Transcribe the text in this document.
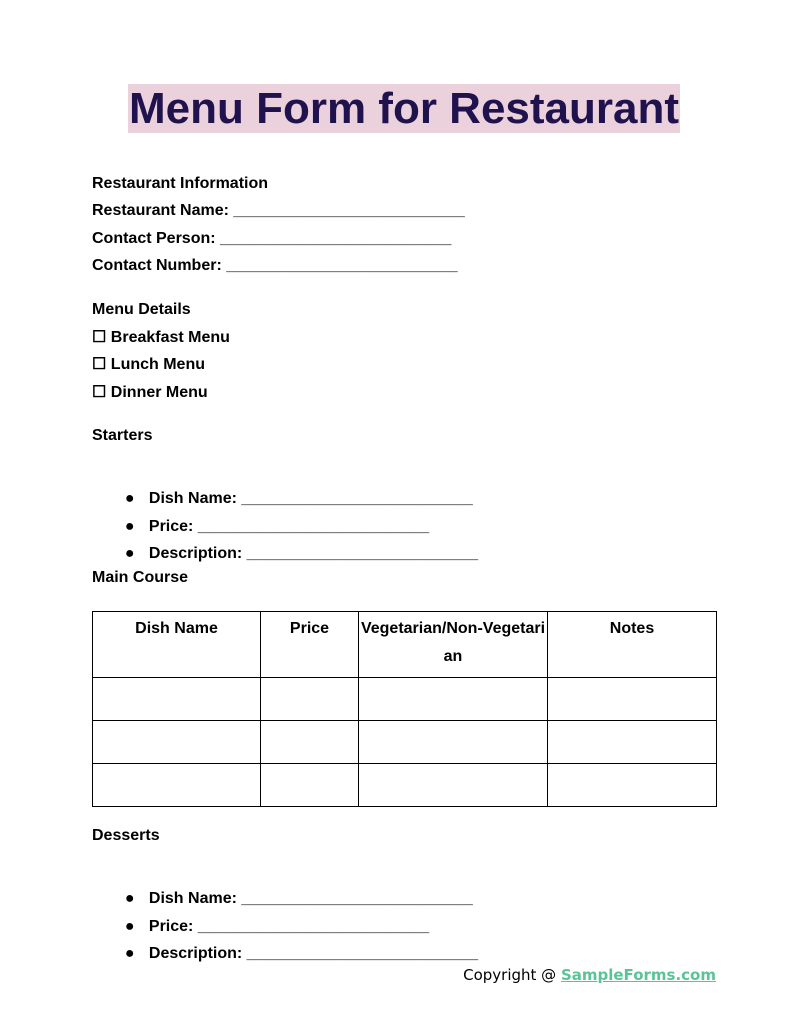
Menu Form for Restaurant
Restaurant Information
Restaurant Name: __________________________
Contact Person: __________________________
Contact Number: __________________________
Menu Details
☐ Breakfast Menu
☐ Lunch Menu
☐ Dinner Menu
Starters

● Dish Name: __________________________

● Price: __________________________

● Description: __________________________

Main Course
Dish Name	Price	Vegetarian/Non-Vegetarian	Notes

Desserts

● Dish Name: __________________________

● Price: __________________________

● Description: __________________________

Copyright @ SampleForms.com
